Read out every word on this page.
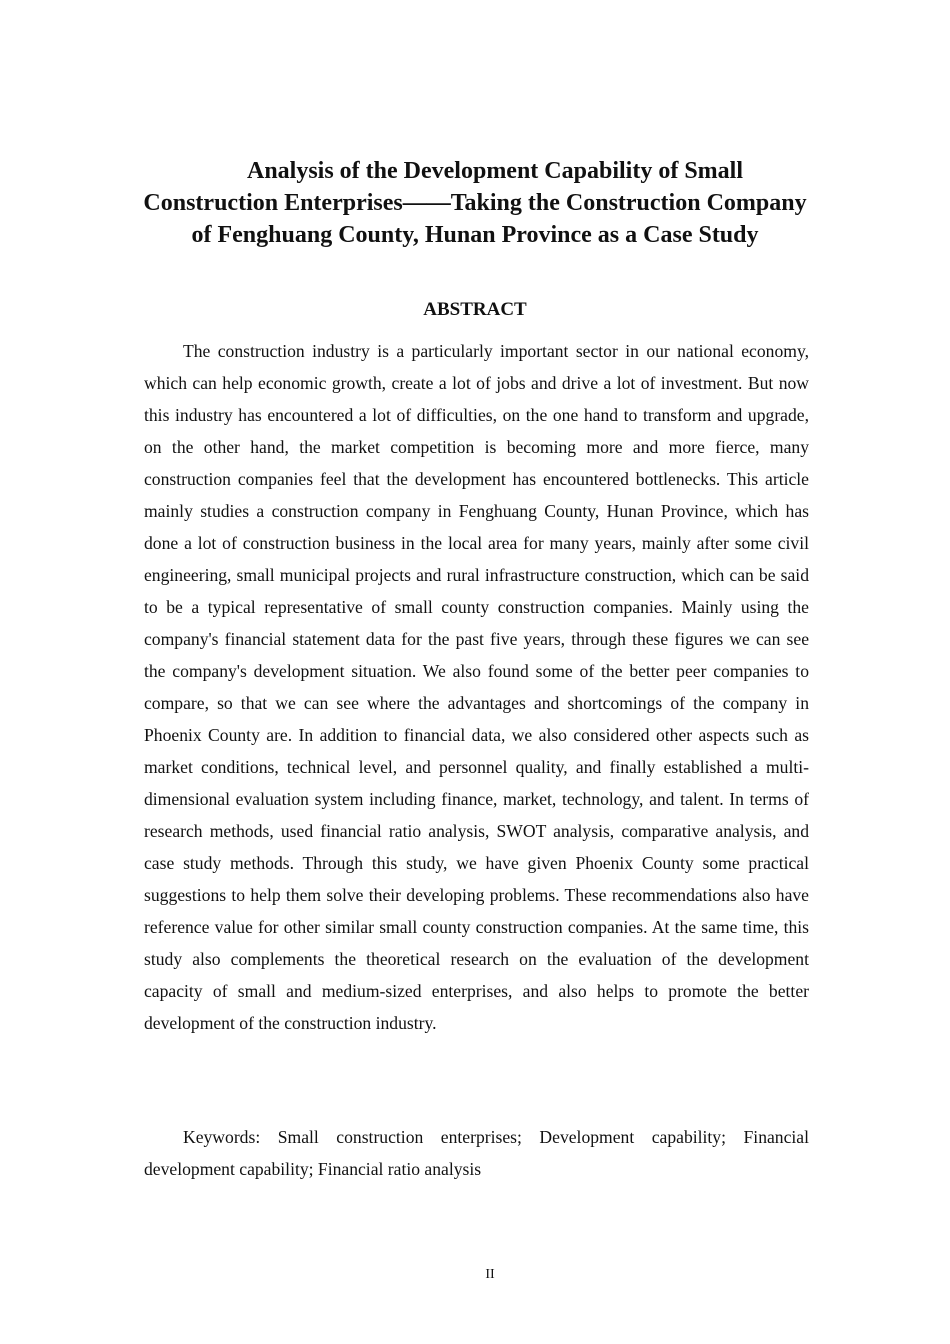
Analysis of the Development Capability of Small Construction Enterprises——Taking the Construction Company of Fenghuang County, Hunan Province as a Case Study
ABSTRACT

The construction industry is a particularly important sector in our national economy, which can help economic growth, create a lot of jobs and drive a lot of investment. But now this industry has encountered a lot of difficulties, on the one hand to transform and upgrade, on the other hand, the market competition is becoming more and more fierce, many construction companies feel that the development has encountered bottlenecks. This article mainly studies a construction company in Fenghuang County, Hunan Province, which has done a lot of construction business in the local area for many years, mainly after some civil engineering, small municipal projects and rural infrastructure construction, which can be said to be a typical representative of small county construction companies. Mainly using the company's financial statement data for the past five years, through these figures we can see the company's development situation. We also found some of the better peer companies to compare, so that we can see where the advantages and shortcomings of the company in Phoenix County are. In addition to financial data, we also considered other aspects such as market conditions, technical level, and personnel quality, and finally established a multi-dimensional evaluation system including finance, market, technology, and talent. In terms of research methods, used financial ratio analysis, SWOT analysis, comparative analysis, and case study methods. Through this study, we have given Phoenix County some practical suggestions to help them solve their developing problems. These recommendations also have reference value for other similar small county construction companies. At the same time, this study also complements the theoretical research on the evaluation of the development capacity of small and medium-sized enterprises, and also helps to promote the better development of the construction industry.

Keywords: Small construction enterprises; Development capability; Financial development capability; Financial ratio analysis

II
